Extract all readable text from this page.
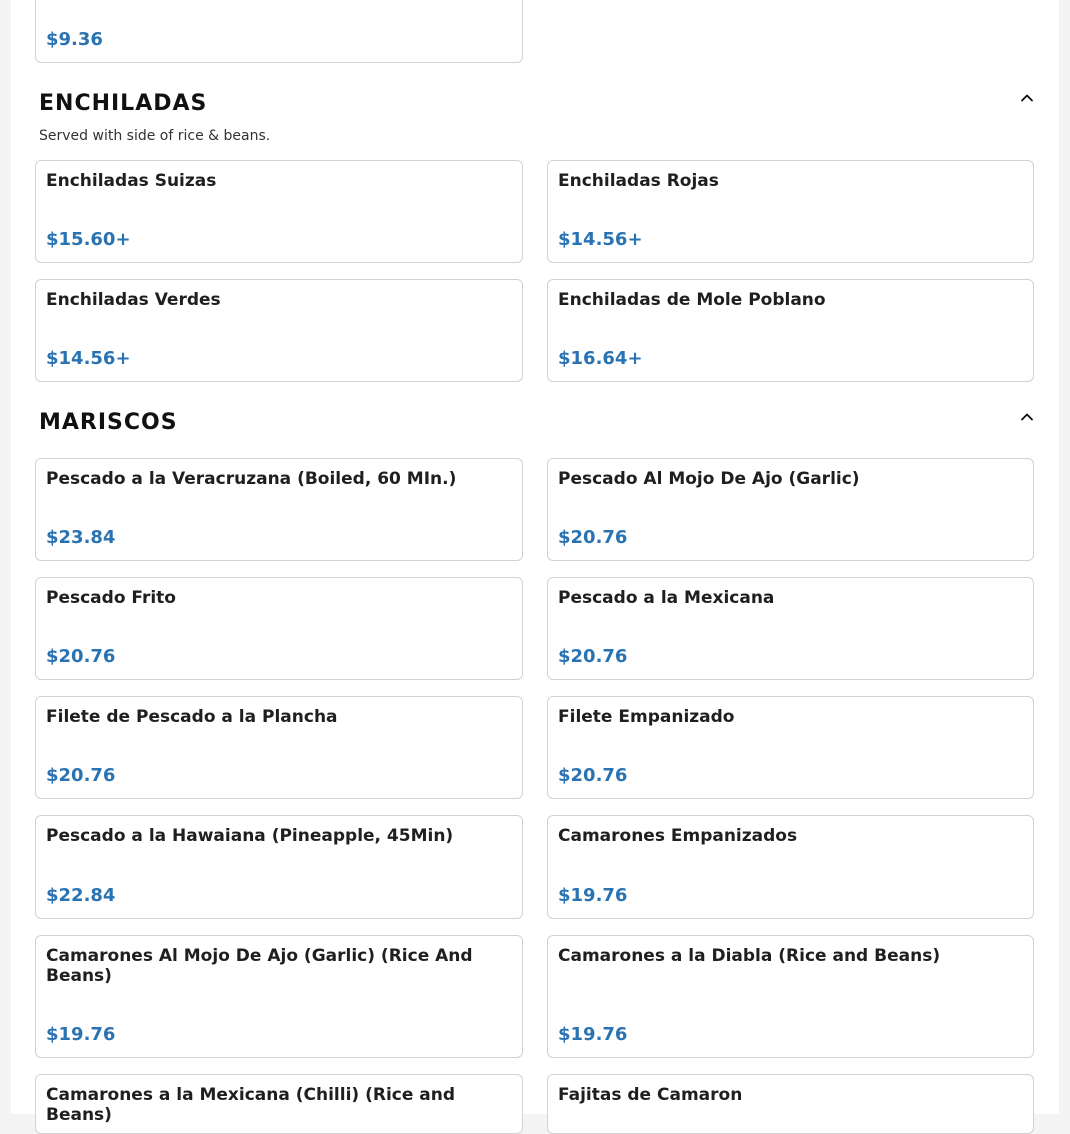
$9.36
ENCHILADAS

Served with side of rice & beans.

Enchiladas Suizas
$15.60+
Enchiladas Rojas
$14.56+
Enchiladas Verdes
$14.56+
Enchiladas de Mole Poblano
$16.64+
MARISCOS
Pescado a la Veracruzana (Boiled, 60 MIn.)
$23.84
Pescado Al Mojo De Ajo (Garlic)
$20.76
Pescado Frito
$20.76
Pescado a la Mexicana
$20.76
Filete de Pescado a la Plancha
$20.76
Filete Empanizado
$20.76
Pescado a la Hawaiana (Pineapple, 45Min)
$22.84
Camarones Empanizados
$19.76
Camarones Al Mojo De Ajo (Garlic) (Rice And Beans)
$19.76
Camarones a la Diabla (Rice and Beans)
$19.76
Camarones a la Mexicana (Chilli) (Rice and Beans)
Fajitas de Camaron
